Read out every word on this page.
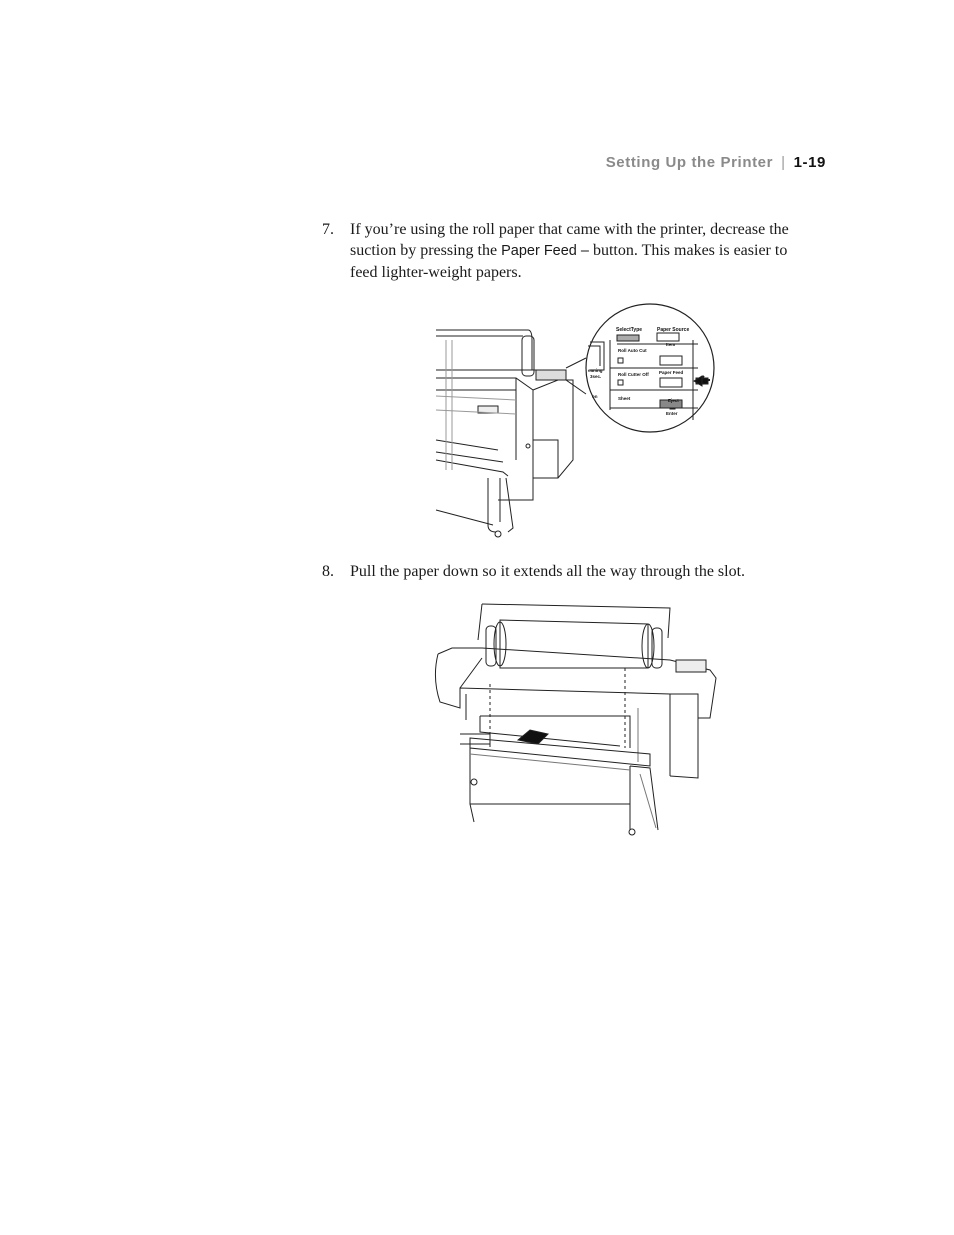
Setting Up the Printer | 1-19
7. If you’re using the roll paper that came with the printer, decrease the suction by pressing the Paper Feed – button. This makes is easier to feed lighter-weight papers.
SelectType	Paper Source
Item
Roll Auto Cut
Roll Cutter Off Paper Feed
Sheet	Eject
Enter
eaning
3sec.
on
8. Pull the paper down so it extends all the way through the slot.
